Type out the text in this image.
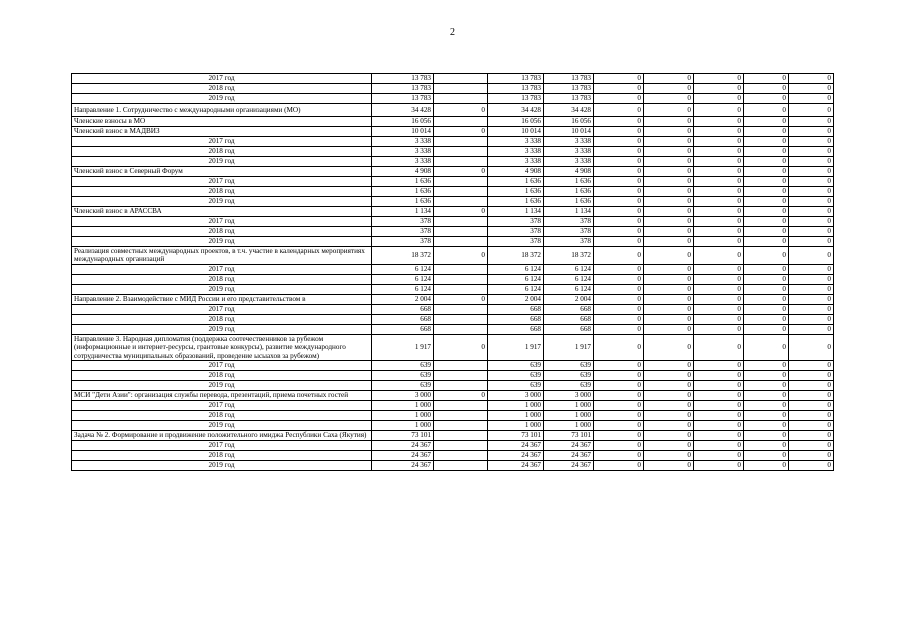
2
2017 год	13 783		13 783	13 783	0	0	0	0	0
2018 год	13 783		13 783	13 783	0	0	0	0	0
2019 год	13 783		13 783	13 783	0	0	0	0	0
Направление 1. Сотрудничество с международными организациями (МО)	34 428	0	34 428	34 428	0	0	0	0	0
Членские взносы в МО	16 056		16 056	16 056	0	0	0	0	0
Членский взнос в МАДВИЗ	10 014	0	10 014	10 014	0	0	0	0	0
2017 год	3 338		3 338	3 338	0	0	0	0	0
2018 год	3 338		3 338	3 338	0	0	0	0	0
2019 год	3 338		3 338	3 338	0	0	0	0	0
Членский взнос в Северный Форум	4 908	0	4 908	4 908	0	0	0	0	0
2017 год	1 636		1 636	1 636	0	0	0	0	0
2018 год	1 636		1 636	1 636	0	0	0	0	0
2019 год	1 636		1 636	1 636	0	0	0	0	0
Членский взнос в АРАССВА	1 134	0	1 134	1 134	0	0	0	0	0
2017 год	378		378	378	0	0	0	0	0
2018 год	378		378	378	0	0	0	0	0
2019 год	378		378	378	0	0	0	0	0
Реализация совместных международных проектов, в т.ч. участие в календарных мероприятиях международных организаций	18 372	0	18 372	18 372	0	0	0	0	0
2017 год	6 124		6 124	6 124	0	0	0	0	0
2018 год	6 124		6 124	6 124	0	0	0	0	0
2019 год	6 124		6 124	6 124	0	0	0	0	0
Направление 2. Взаимодействие с МИД России и его представительством в	2 004	0	2 004	2 004	0	0	0	0	0
2017 год	668		668	668	0	0	0	0	0
2018 год	668		668	668	0	0	0	0	0
2019 год	668		668	668	0	0	0	0	0
Направление 3. Народная дипломатия (поддержка соотечественников за рубежом (информационные и интернет-ресурсы, грантовые конкурсы), развитие международного сотрудничества муниципальных образований, проведение ысыахов за рубежом)	1 917	0	1 917	1 917	0	0	0	0	0
2017 год	639		639	639	0	0	0	0	0
2018 год	639		639	639	0	0	0	0	0
2019 год	639		639	639	0	0	0	0	0
МСИ "Дети Азии": организация службы перевода, презентаций, приема почетных гостей	3 000	0	3 000	3 000	0	0	0	0	0
2017 год	1 000		1 000	1 000	0	0	0	0	0
2018 год	1 000		1 000	1 000	0	0	0	0	0
2019 год	1 000		1 000	1 000	0	0	0	0	0
Задача № 2. Формирование и продвижение положительного имиджа Республики Саха (Якутия)	73 101		73 101	73 101	0	0	0	0	0
2017 год	24 367		24 367	24 367	0	0	0	0	0
2018 год	24 367		24 367	24 367	0	0	0	0	0
2019 год	24 367		24 367	24 367	0	0	0	0	0
